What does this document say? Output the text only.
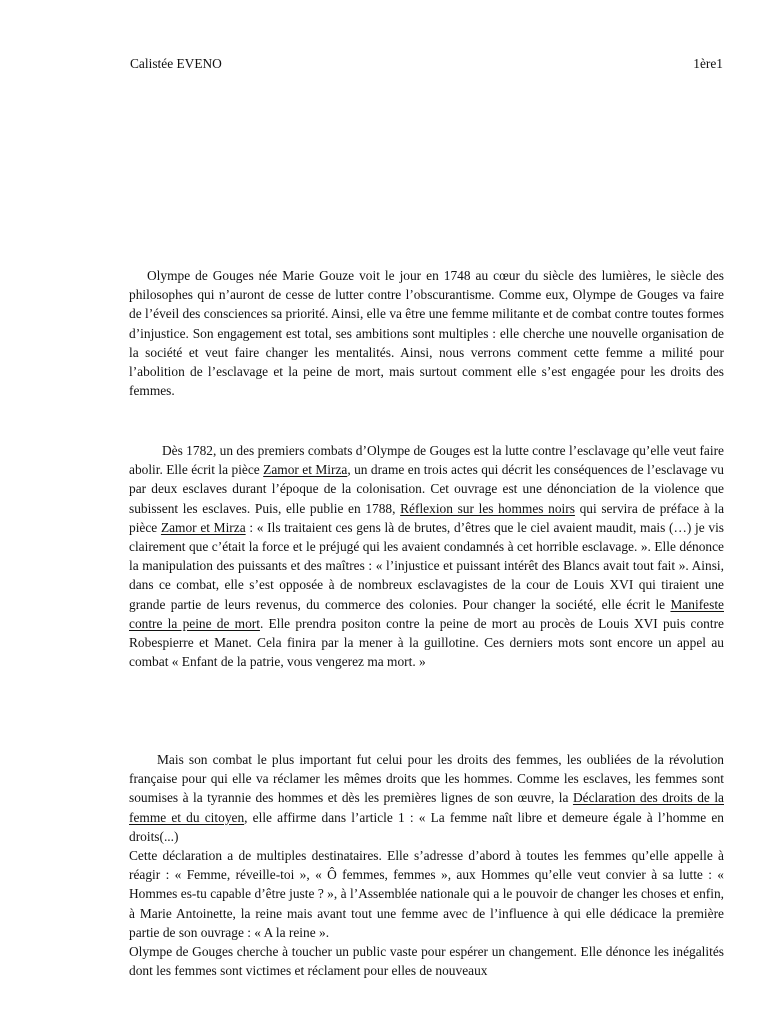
Calistée EVENO	1ère1

Olympe de Gouges née Marie Gouze voit le jour en 1748 au cœur du siècle des lumières, le siècle des philosophes qui n’auront de cesse de lutter contre l’obscurantisme. Comme eux, Olympe de Gouges va faire de l’éveil des consciences sa priorité. Ainsi, elle va être une femme militante et de combat contre toutes formes d’injustice. Son engagement est total, ses ambitions sont multiples : elle cherche une nouvelle organisation de la société et veut faire changer les mentalités. Ainsi, nous verrons comment cette femme a milité pour l’abolition de l’esclavage et la peine de mort, mais surtout comment elle s’est engagée pour les droits des femmes.

Dès 1782, un des premiers combats d’Olympe de Gouges est la lutte contre l’esclavage qu’elle veut faire abolir. Elle écrit la pièce Zamor et Mirza, un drame en trois actes qui décrit les conséquences de l’esclavage vu par deux esclaves durant l’époque de la colonisation. Cet ouvrage est une dénonciation de la violence que subissent les esclaves. Puis, elle publie en 1788, Réflexion sur les hommes noirs qui servira de préface à la pièce Zamor et Mirza : « Ils traitaient ces gens là de brutes, d’êtres que le ciel avaient maudit, mais (…) je vis clairement que c’était la force et le préjugé qui les avaient condamnés à cet horrible esclavage. ». Elle dénonce la manipulation des puissants et des maîtres : « l’injustice et puissant intérêt des Blancs avait tout fait ». Ainsi, dans ce combat, elle s’est opposée à de nombreux esclavagistes de la cour de Louis XVI qui tiraient une grande partie de leurs revenus, du commerce des colonies. Pour changer la société, elle écrit le Manifeste contre la peine de mort. Elle prendra positon contre la peine de mort au procès de Louis XVI puis contre Robespierre et Manet. Cela finira par la mener à la guillotine. Ces derniers mots sont encore un appel au combat « Enfant de la patrie, vous vengerez ma mort. »

Mais son combat le plus important fut celui pour les droits des femmes, les oubliées de la révolution française pour qui elle va réclamer les mêmes droits que les hommes. Comme les esclaves, les femmes sont soumises à la tyrannie des hommes et dès les premières lignes de son œuvre, la Déclaration des droits de la femme et du citoyen, elle affirme dans l’article 1 : « La femme naît libre et demeure égale à l’homme en droits(...)

Cette déclaration a de multiples destinataires. Elle s’adresse d’abord à toutes les femmes qu’elle appelle à réagir : « Femme, réveille-toi », « Ô femmes, femmes », aux Hommes qu’elle veut convier à sa lutte : « Hommes es-tu capable d’être juste ? », à l’Assemblée nationale qui a le pouvoir de changer les choses et enfin, à Marie Antoinette, la reine mais avant tout une femme avec de l’influence à qui elle dédicace la première partie de son ouvrage : « A la reine ».

Olympe de Gouges cherche à toucher un public vaste pour espérer un changement. Elle dénonce les inégalités dont les femmes sont victimes et réclament pour elles de nouveaux
